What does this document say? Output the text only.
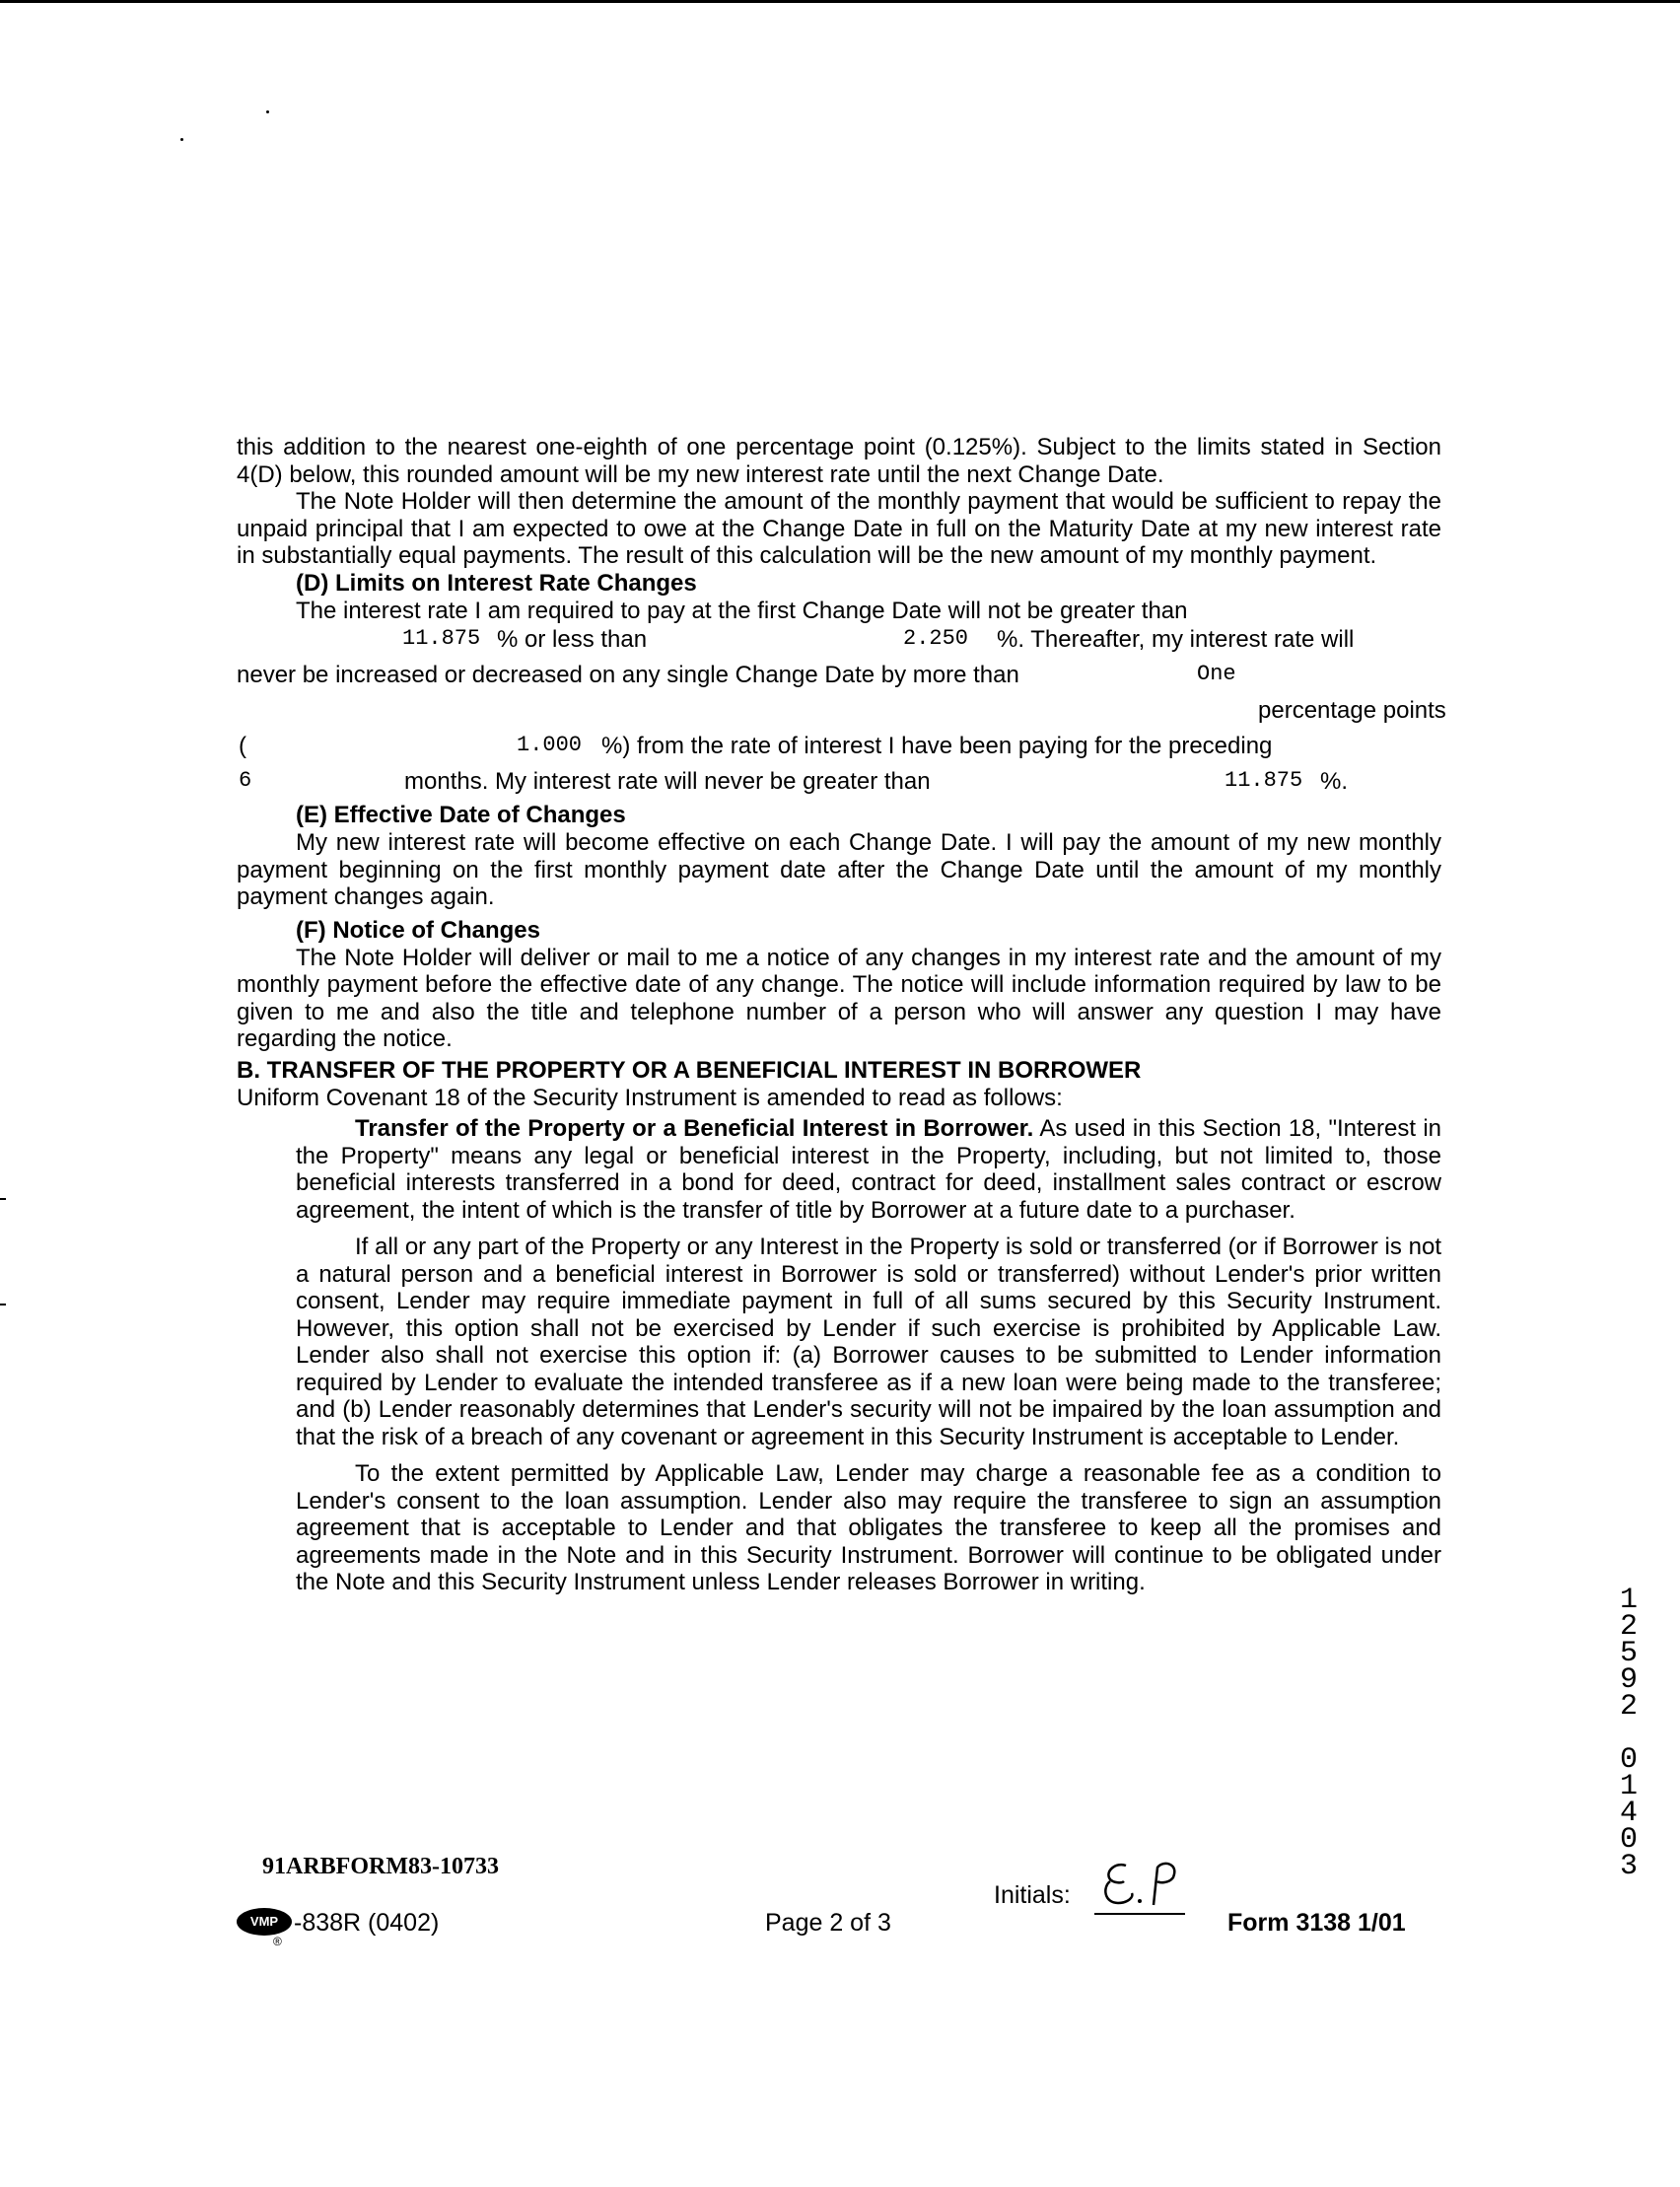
this addition to the nearest one-eighth of one percentage point (0.125%). Subject to the limits stated in Section 4(D) below, this rounded amount will be my new interest rate until the next Change Date.

The Note Holder will then determine the amount of the monthly payment that would be sufficient to repay the unpaid principal that I am expected to owe at the Change Date in full on the Maturity Date at my new interest rate in substantially equal payments. The result of this calculation will be the new amount of my monthly payment.

(D) Limits on Interest Rate Changes

The interest rate I am required to pay at the first Change Date will not be greater than

11.875 % or less than	2.250 %. Thereafter, my interest rate will
never be increased or decreased on any single Change Date by more than	One
percentage points
(	1.000 %) from the rate of interest I have been paying for the preceding
6	months. My interest rate will never be greater than	11.875 %.

(E) Effective Date of Changes

My new interest rate will become effective on each Change Date. I will pay the amount of my new monthly payment beginning on the first monthly payment date after the Change Date until the amount of my monthly payment changes again.

(F) Notice of Changes

The Note Holder will deliver or mail to me a notice of any changes in my interest rate and the amount of my monthly payment before the effective date of any change. The notice will include information required by law to be given to me and also the title and telephone number of a person who will answer any question I may have regarding the notice.

B. TRANSFER OF THE PROPERTY OR A BENEFICIAL INTEREST IN BORROWER

Uniform Covenant 18 of the Security Instrument is amended to read as follows:

Transfer of the Property or a Beneficial Interest in Borrower. As used in this Section 18, "Interest in the Property" means any legal or beneficial interest in the Property, including, but not limited to, those beneficial interests transferred in a bond for deed, contract for deed, installment sales contract or escrow agreement, the intent of which is the transfer of title by Borrower at a future date to a purchaser.

If all or any part of the Property or any Interest in the Property is sold or transferred (or if Borrower is not a natural person and a beneficial interest in Borrower is sold or transferred) without Lender's prior written consent, Lender may require immediate payment in full of all sums secured by this Security Instrument. However, this option shall not be exercised by Lender if such exercise is prohibited by Applicable Law. Lender also shall not exercise this option if: (a) Borrower causes to be submitted to Lender information required by Lender to evaluate the intended transferee as if a new loan were being made to the transferee; and (b) Lender reasonably determines that Lender's security will not be impaired by the loan assumption and that the risk of a breach of any covenant or agreement in this Security Instrument is acceptable to Lender.

To the extent permitted by Applicable Law, Lender may charge a reasonable fee as a condition to Lender's consent to the loan assumption. Lender also may require the transferee to sign an assumption agreement that is acceptable to Lender and that obligates the transferee to keep all the promises and agreements made in the Note and in this Security Instrument. Borrower will continue to be obligated under the Note and this Security Instrument unless Lender releases Borrower in writing.

91ARBFORM83-10733
VMP
®
-838R (0402)	Page 2 of 3
Initials:
Form 3138 1/01
1
2
5
9
2
0
1
4
0
3
